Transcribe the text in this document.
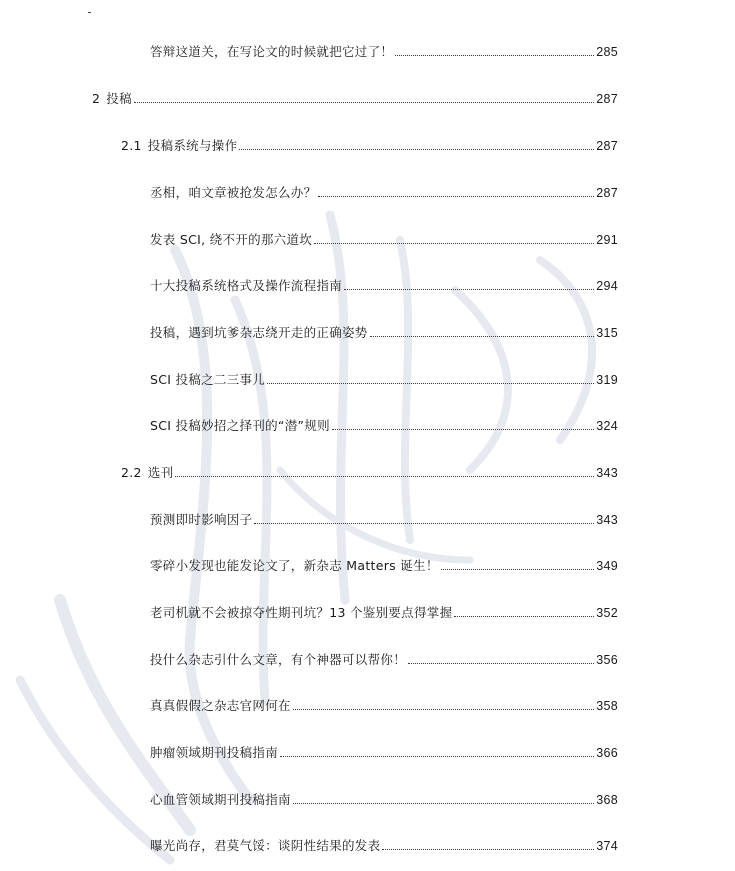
答辩这道关，在写论文的时候就把它过了！	285
2 投稿	287
2.1 投稿系统与操作	287
丞相，咱文章被抢发怎么办？	287
发表 SCI, 绕不开的那六道坎	291
十大投稿系统格式及操作流程指南	294
投稿，遇到坑爹杂志绕开走的正确姿势	315
SCI 投稿之二三事儿	319
SCI 投稿妙招之择刊的“潜”规则	324
2.2 选刊	343
预测即时影响因子	343
零碎小发现也能发论文了，新杂志 Matters 诞生！	349
老司机就不会被掠夺性期刊坑？13 个鉴别要点得掌握	352
投什么杂志引什么文章，有个神器可以帮你！	356
真真假假之杂志官网何在	358
肿瘤领域期刊投稿指南	366
心血管领域期刊投稿指南	368
曝光尚存，君莫气馁：谈阴性结果的发表	374
